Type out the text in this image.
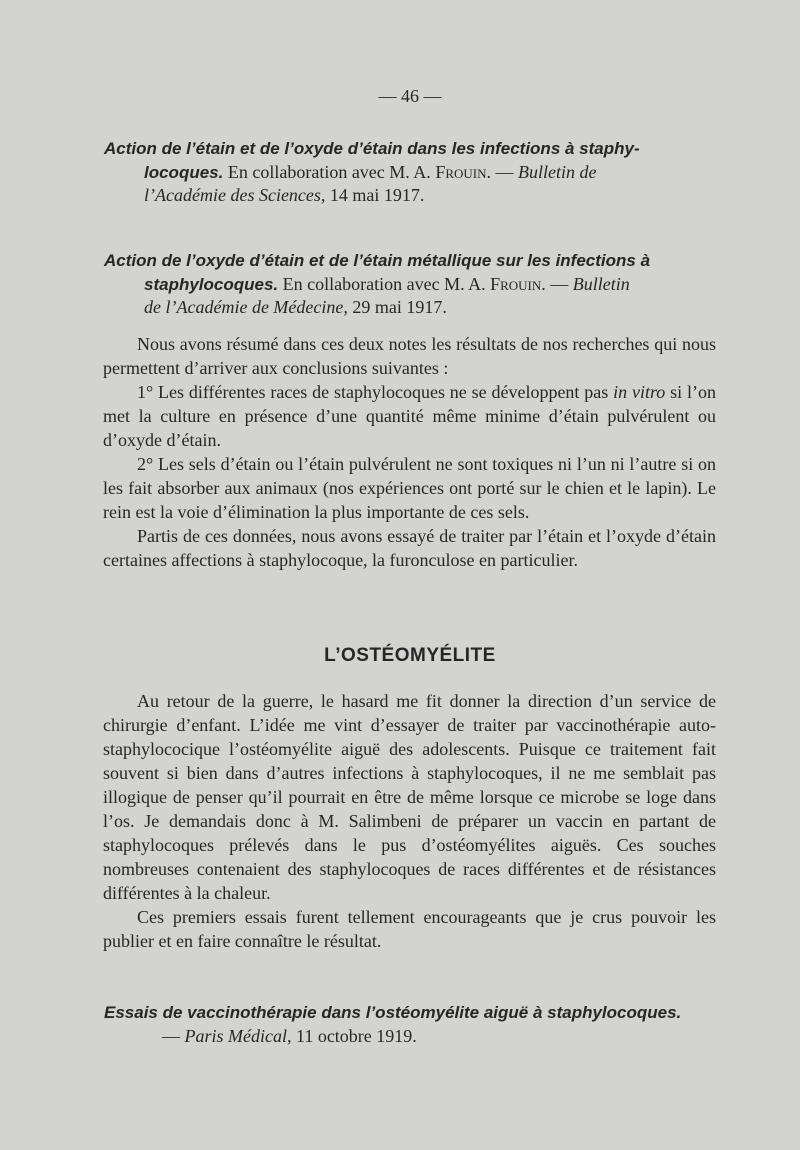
— 46 —
Action de l’étain et de l’oxyde d’étain dans les infections à staphy-
locoques. En collaboration avec M. A. Frouin. — Bulletin de
l’Académie des Sciences, 14 mai 1917.
Action de l’oxyde d’étain et de l’étain métallique sur les infections à
staphylocoques. En collaboration avec M. A. Frouin. — Bulletin
de l’Académie de Médecine, 29 mai 1917.

Nous avons résumé dans ces deux notes les résultats de nos recherches qui nous permettent d’arriver aux conclusions suivantes :

1° Les différentes races de staphylocoques ne se développent pas in vitro si l’on met la culture en présence d’une quantité même minime d’étain pulvérulent ou d’oxyde d’étain.

2° Les sels d’étain ou l’étain pulvérulent ne sont toxiques ni l’un ni l’autre si on les fait absorber aux animaux (nos expériences ont porté sur le chien et le lapin). Le rein est la voie d’élimination la plus importante de ces sels.

Partis de ces données, nous avons essayé de traiter par l’étain et l’oxyde d’étain certaines affections à staphylocoque, la furonculose en particulier.

L’OSTÉOMYÉLITE

Au retour de la guerre, le hasard me fit donner la direction d’un service de chirurgie d’enfant. L’idée me vint d’essayer de traiter par vaccinothérapie auto-staphylococique l’ostéomyélite aiguë des adolescents. Puisque ce traitement fait souvent si bien dans d’autres infections à staphylocoques, il ne me semblait pas illogique de penser qu’il pourrait en être de même lorsque ce microbe se loge dans l’os. Je demandais donc à M. Salimbeni de préparer un vaccin en partant de staphylocoques prélevés dans le pus d’ostéomyélites aiguës. Ces souches nombreuses contenaient des staphylocoques de races différentes et de résistances différentes à la chaleur.

Ces premiers essais furent tellement encourageants que je crus pouvoir les publier et en faire connaître le résultat.

Essais de vaccinothérapie dans l’ostéomyélite aiguë à staphylocoques.
— Paris Médical, 11 octobre 1919.
